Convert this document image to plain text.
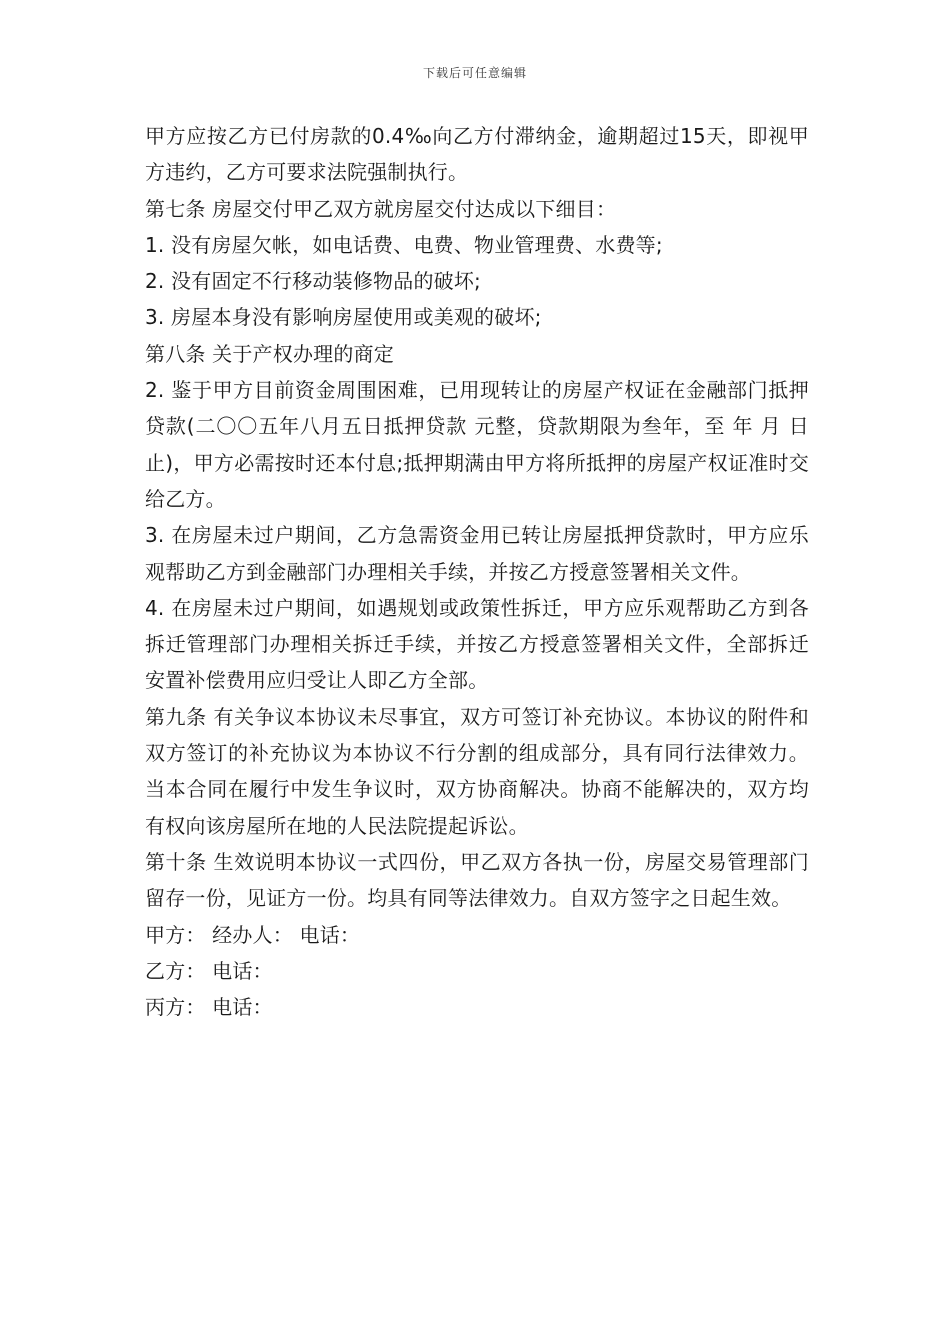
下载后可任意编辑

甲方应按乙方已付房款的0.4‰向乙方付滞纳金，逾期超过15天，即视甲方违约，乙方可要求法院强制执行。

第七条 房屋交付甲乙双方就房屋交付达成以下细目：

1. 没有房屋欠帐，如电话费、电费、物业管理费、水费等;

2. 没有固定不行移动装修物品的破坏;

3. 房屋本身没有影响房屋使用或美观的破坏;

第八条 关于产权办理的商定

2. 鉴于甲方目前资金周围困难，已用现转让的房屋产权证在金融部门抵押贷款(二〇〇五年八月五日抵押贷款 元整，贷款期限为叁年，至 年 月 日止)，甲方必需按时还本付息;抵押期满由甲方将所抵押的房屋产权证准时交给乙方。

3. 在房屋未过户期间，乙方急需资金用已转让房屋抵押贷款时，甲方应乐观帮助乙方到金融部门办理相关手续，并按乙方授意签署相关文件。

4. 在房屋未过户期间，如遇规划或政策性拆迁，甲方应乐观帮助乙方到各拆迁管理部门办理相关拆迁手续，并按乙方授意签署相关文件，全部拆迁安置补偿费用应归受让人即乙方全部。

第九条 有关争议本协议未尽事宜，双方可签订补充协议。本协议的附件和双方签订的补充协议为本协议不行分割的组成部分，具有同行法律效力。当本合同在履行中发生争议时，双方协商解决。协商不能解决的，双方均有权向该房屋所在地的人民法院提起诉讼。

第十条 生效说明本协议一式四份，甲乙双方各执一份，房屋交易管理部门留存一份，见证方一份。均具有同等法律效力。自双方签字之日起生效。

甲方： 经办人： 电话：

乙方： 电话：

丙方： 电话：
